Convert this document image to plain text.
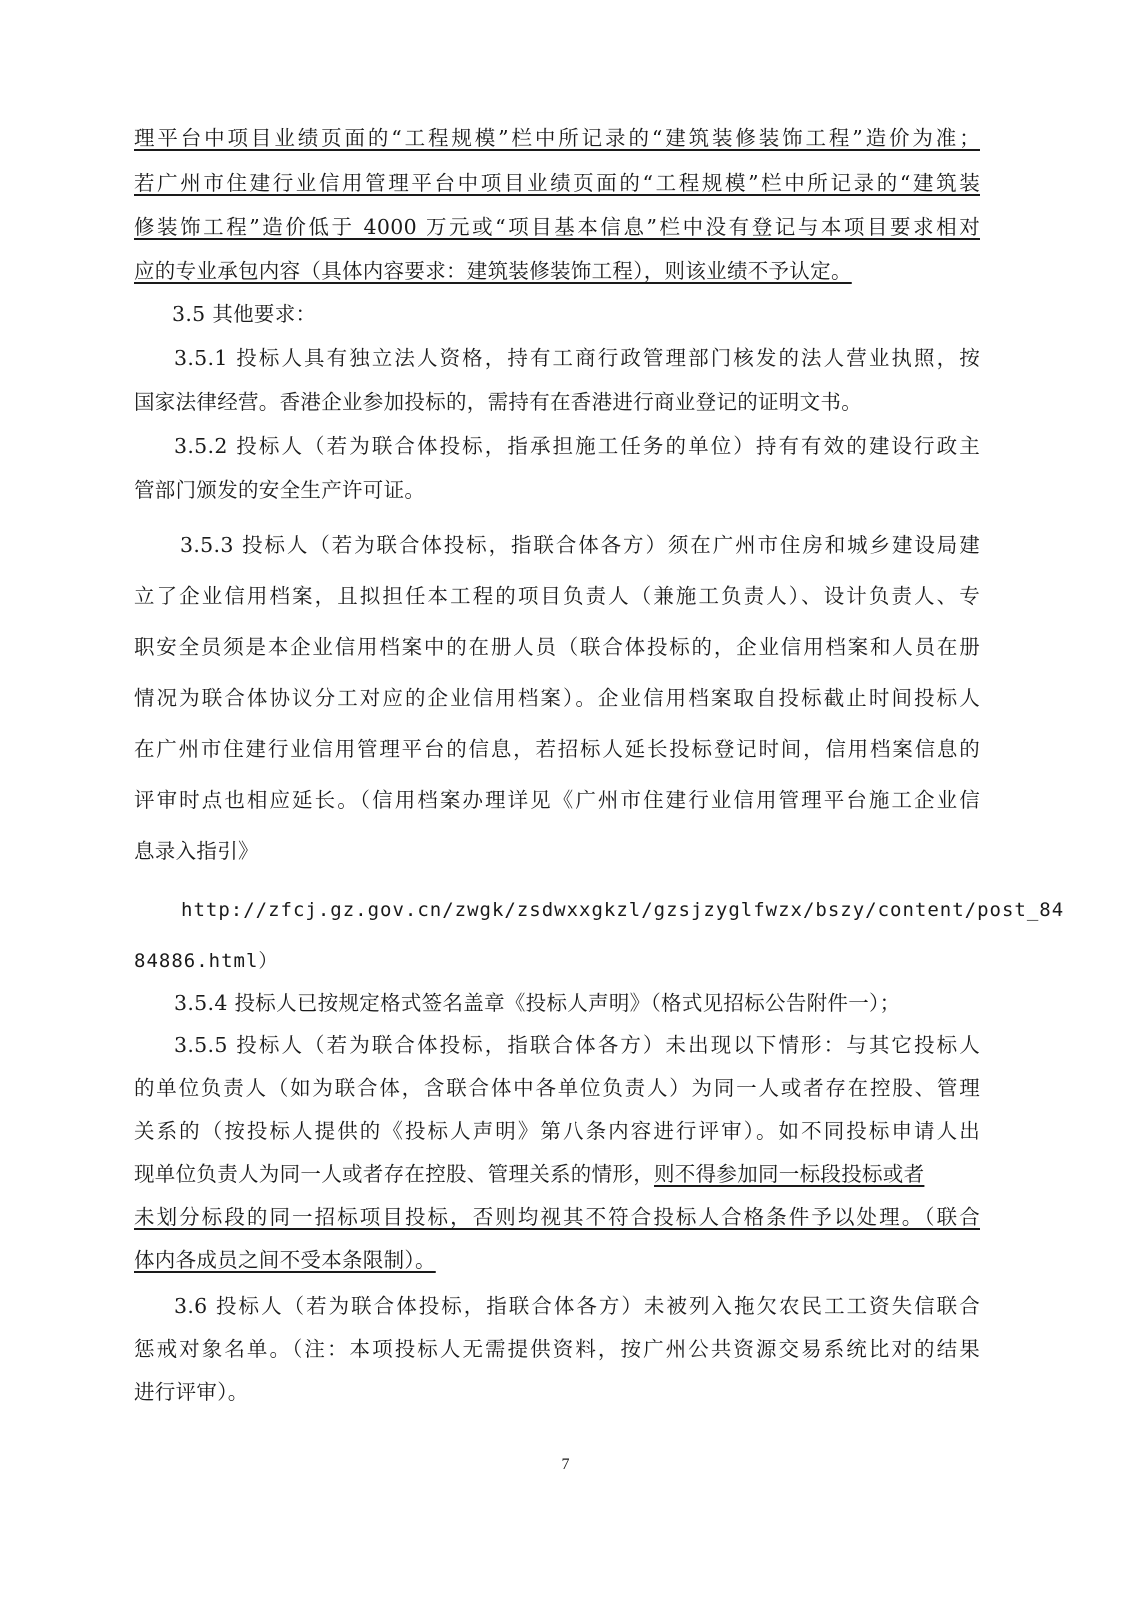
理平台中项目业绩页面的“工程规模”栏中所记录的“建筑装修装饰工程”造价为准；
若广州市住建行业信用管理平台中项目业绩页面的“工程规模”栏中所记录的“建筑装
修装饰工程”造价低于 4000 万元或“项目基本信息”栏中没有登记与本项目要求相对
应的专业承包内容（具体内容要求：建筑装修装饰工程），则该业绩不予认定。
3.5 其他要求：
3.5.1 投标人具有独立法人资格，持有工商行政管理部门核发的法人营业执照，按
国家法律经营。香港企业参加投标的，需持有在香港进行商业登记的证明文书。
3.5.2 投标人（若为联合体投标，指承担施工任务的单位）持有有效的建设行政主
管部门颁发的安全生产许可证。
3.5.3 投标人（若为联合体投标，指联合体各方）须在广州市住房和城乡建设局建
立了企业信用档案，且拟担任本工程的项目负责人（兼施工负责人）、设计负责人、专
职安全员须是本企业信用档案中的在册人员（联合体投标的，企业信用档案和人员在册
情况为联合体协议分工对应的企业信用档案）。企业信用档案取自投标截止时间投标人
在广州市住建行业信用管理平台的信息，若招标人延长投标登记时间，信用档案信息的
评审时点也相应延长。（信用档案办理详见《广州市住建行业信用管理平台施工企业信
息录入指引》
http://zfcj.gz.gov.cn/zwgk/zsdwxxgkzl/gzsjzyglfwzx/bszy/content/post_84
84886.html）
3.5.4 投标人已按规定格式签名盖章《投标人声明》（格式见招标公告附件一）；
3.5.5 投标人（若为联合体投标，指联合体各方）未出现以下情形：与其它投标人
的单位负责人（如为联合体，含联合体中各单位负责人）为同一人或者存在控股、管理
关系的（按投标人提供的《投标人声明》第八条内容进行评审）。如不同投标申请人出
现单位负责人为同一人或者存在控股、管理关系的情形，则不得参加同一标段投标或者
未划分标段的同一招标项目投标，否则均视其不符合投标人合格条件予以处理。（联合
体内各成员之间不受本条限制）。
3.6 投标人（若为联合体投标，指联合体各方）未被列入拖欠农民工工资失信联合
惩戒对象名单。（注：本项投标人无需提供资料，按广州公共资源交易系统比对的结果
进行评审）。
7
